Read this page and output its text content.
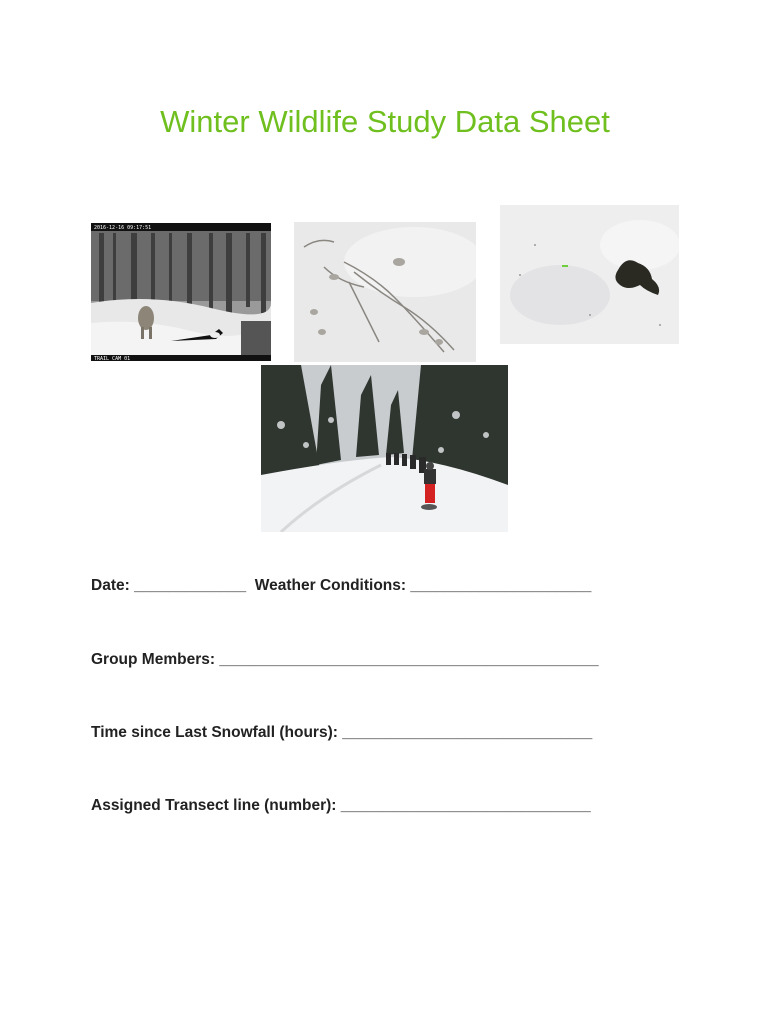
Winter Wildlife Study Data Sheet
2016-12-16 09:17:51
TRAIL CAM 01
Date: _____________ Weather Conditions: _____________________
Group Members: ____________________________________________
Time since Last Snowfall (hours): _____________________________
Assigned Transect line (number): _____________________________
